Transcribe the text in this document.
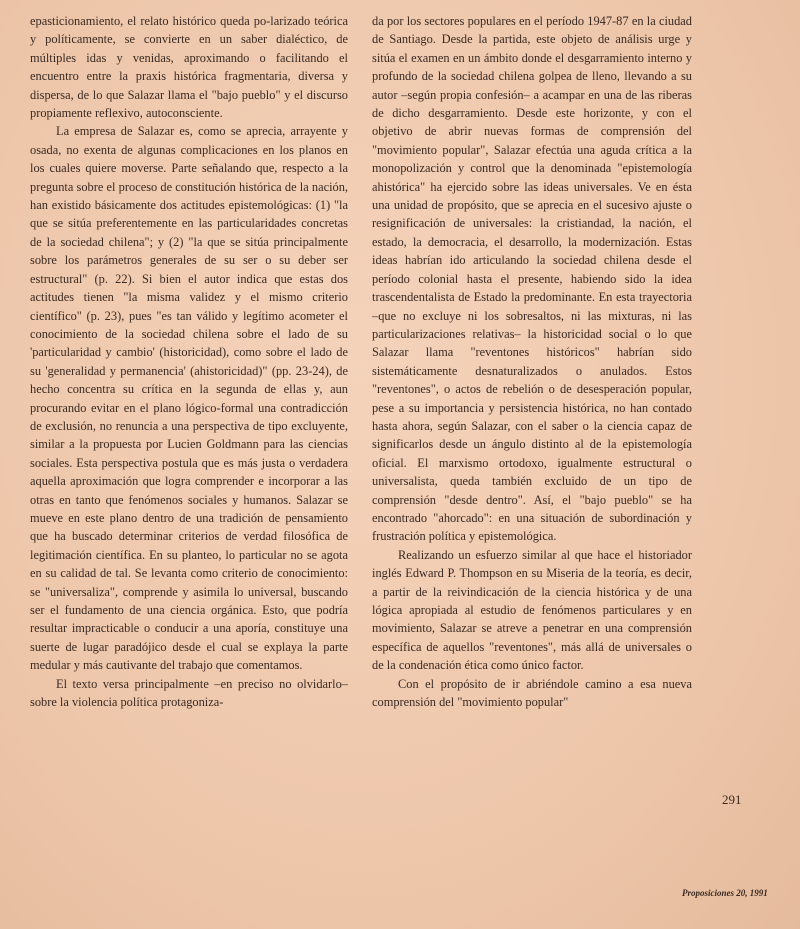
epasticionamiento, el relato histórico queda po-larizado teórica y políticamente, se convierte en un saber dialéctico, de múltiples idas y venidas, aproximando o facilitando el encuentro entre la praxis histórica fragmentaria, diversa y dispersa, de lo que Salazar llama el "bajo pueblo" y el discurso propiamente reflexivo, autoconsciente.

La empresa de Salazar es, como se aprecia, arrayente y osada, no exenta de algunas complicaciones en los planos en los cuales quiere moverse. Parte señalando que, respecto a la pregunta sobre el proceso de constitución histórica de la nación, han existido básicamente dos actitudes epistemológicas: (1) "la que se sitúa preferentemente en las particularidades concretas de la sociedad chilena"; y (2) "la que se sitúa principalmente sobre los parámetros generales de su ser o su deber ser estructural" (p. 22). Si bien el autor indica que estas dos actitudes tienen "la misma validez y el mismo criterio científico" (p. 23), pues "es tan válido y legítimo acometer el conocimiento de la sociedad chilena sobre el lado de su 'particularidad y cambio' (historicidad), como sobre el lado de su 'generalidad y permanencia' (ahistoricidad)" (pp. 23-24), de hecho concentra su crítica en la segunda de ellas y, aun procurando evitar en el plano lógico-formal una contradicción de exclusión, no renuncia a una perspectiva de tipo excluyente, similar a la propuesta por Lucien Goldmann para las ciencias sociales. Esta perspectiva postula que es más justa o verdadera aquella aproximación que logra comprender e incorporar a las otras en tanto que fenómenos sociales y humanos. Salazar se mueve en este plano dentro de una tradición de pensamiento que ha buscado determinar criterios de verdad filosófica de legitimación científica. En su planteo, lo particular no se agota en su calidad de tal. Se levanta como criterio de conocimiento: se "universaliza", comprende y asimila lo universal, buscando ser el fundamento de una ciencia orgánica. Esto, que podría resultar impracticable o conducir a una aporía, constituye una suerte de lugar paradójico desde el cual se explaya la parte medular y más cautivante del trabajo que comentamos.

El texto versa principalmente –en preciso no olvidarlo– sobre la violencia política protagoniza-

da por los sectores populares en el período 1947-87 en la ciudad de Santiago. Desde la partida, este objeto de análisis urge y sitúa el examen en un ámbito donde el desgarramiento interno y profundo de la sociedad chilena golpea de lleno, llevando a su autor –según propia confesión– a acampar en una de las riberas de dicho desgarramiento. Desde este horizonte, y con el objetivo de abrir nuevas formas de comprensión del "movimiento popular", Salazar efectúa una aguda crítica a la monopolización y control que la denominada "epistemología ahistórica" ha ejercido sobre las ideas universales. Ve en ésta una unidad de propósito, que se aprecia en el sucesivo ajuste o resignificación de universales: la cristiandad, la nación, el estado, la democracia, el desarrollo, la modernización. Estas ideas habrían ido articulando la sociedad chilena desde el período colonial hasta el presente, habiendo sido la idea trascendentalista de Estado la predominante. En esta trayectoria –que no excluye ni los sobresaltos, ni las mixturas, ni las particularizaciones relativas– la historicidad social o lo que Salazar llama "reventones históricos" habrían sido sistemáticamente desnaturalizados o anulados. Estos "reventones", o actos de rebelión o de desesperación popular, pese a su importancia y persistencia histórica, no han contado hasta ahora, según Salazar, con el saber o la ciencia capaz de significarlos desde un ángulo distinto al de la epistemología oficial. El marxismo ortodoxo, igualmente estructural o universalista, queda también excluido de un tipo de comprensión "desde dentro". Así, el "bajo pueblo" se ha encontrado "ahorcado": en una situación de subordinación y frustración política y epistemológica.

Realizando un esfuerzo similar al que hace el historiador inglés Edward P. Thompson en su Miseria de la teoría, es decir, a partir de la reivindicación de la ciencia histórica y de una lógica apropiada al estudio de fenómenos particulares y en movimiento, Salazar se atreve a penetrar en una comprensión específica de aquellos "reventones", más allá de universales o de la condenación ética como único factor.

Con el propósito de ir abriéndole camino a esa nueva comprensión del "movimiento popular"

291
Proposiciones 20, 1991
